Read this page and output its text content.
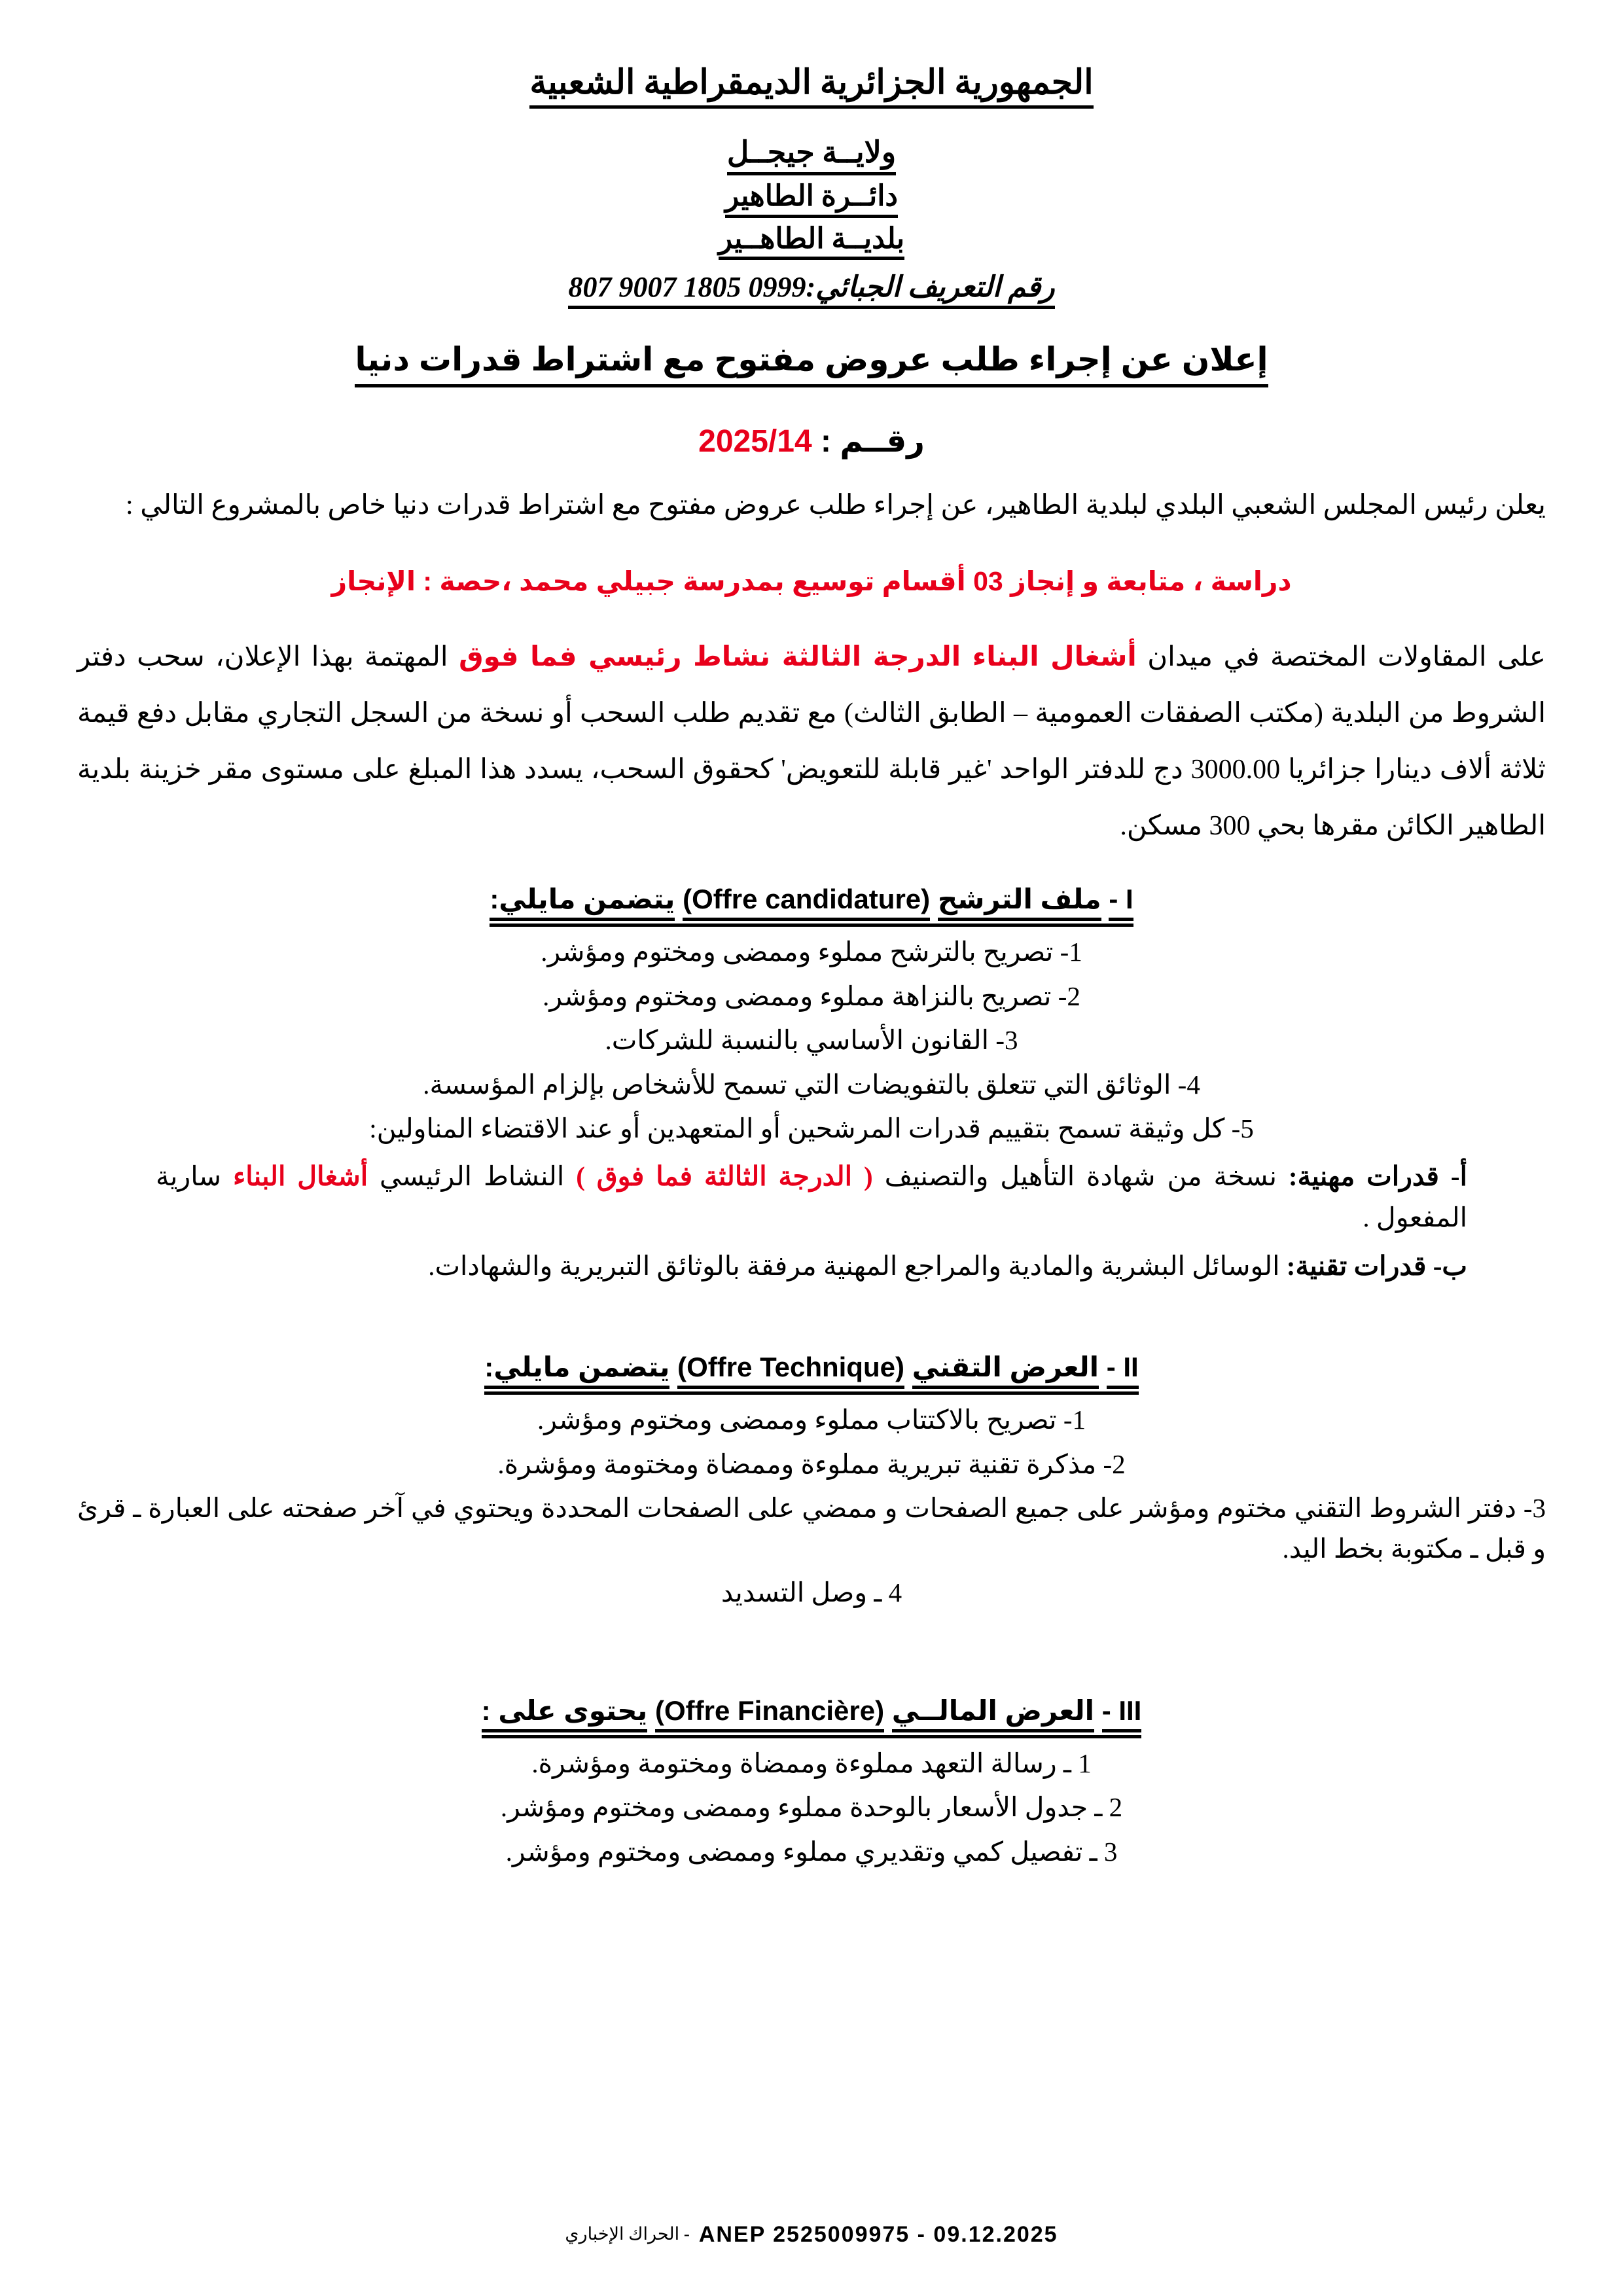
الجمهورية الجزائرية الديمقراطية الشعبية
ولايــة جيجــل
دائــرة الطاهير
بلديــة الطاهــير
رقم التعريف الجبائي:0999 1805 9007 807
إعلان عن إجراء طلب عروض مفتوح مع اشتراط قدرات دنيا
رقــم : 2025/14
يعلن رئيس المجلس الشعبي البلدي لبلدية الطاهير، عن إجراء طلب عروض مفتوح مع اشتراط قدرات دنيا خاص بالمشروع التالي :
دراسة ، متابعة و إنجاز 03 أقسام توسيع بمدرسة جبيلي محمد ،حصة : الإنجاز
على المقاولات المختصة في ميدان أشغال البناء الدرجة الثالثة نشاط رئيسي فما فوق المهتمة بهذا الإعلان، سحب دفتر الشروط من البلدية (مكتب الصفقات العمومية – الطابق الثالث) مع تقديم طلب السحب أو نسخة من السجل التجاري مقابل دفع قيمة ثلاثة ألاف دينارا جزائريا 3000.00 دج للدفتر الواحد 'غير قابلة للتعويض' كحقوق السحب، يسدد هذا المبلغ على مستوى مقر خزينة بلدية الطاهير الكائن مقرها بحي 300 مسكن.
I - ملف الترشح (Offre candidature) يتضمن مايلي:
1- تصريح بالترشح مملوء وممضى ومختوم ومؤشر.
2- تصريح بالنزاهة مملوء وممضى ومختوم ومؤشر.
3- القانون الأساسي بالنسبة للشركات.
4- الوثائق التي تتعلق بالتفويضات التي تسمح للأشخاص بإلزام المؤسسة.
5- كل وثيقة تسمح بتقييم قدرات المرشحين أو المتعهدين أو عند الاقتضاء المناولين:
أ- قدرات مهنية: نسخة من شهادة التأهيل والتصنيف ( الدرجة الثالثة فما فوق ) النشاط الرئيسي أشغال البناء سارية المفعول .
ب- قدرات تقنية: الوسائل البشرية والمادية والمراجع المهنية مرفقة بالوثائق التبريرية والشهادات.
II - العرض التقني (Offre Technique) يتضمن مايلي:
1- تصريح بالاكتتاب مملوء وممضى ومختوم ومؤشر.
2- مذكرة تقنية تبريرية مملوءة وممضاة ومختومة ومؤشرة.
3- دفتر الشروط التقني مختوم ومؤشر على جميع الصفحات و ممضي على الصفحات المحددة ويحتوي في آخر صفحته على العبارة ـ قرئ و قبل ـ مكتوبة بخط اليد.
4 ـ وصل التسديد
III - العرض المالــي (Offre Financière) يحتوى على :
1 ـ رسالة التعهد مملوءة وممضاة ومختومة ومؤشرة.
2 ـ جدول الأسعار بالوحدة مملوء وممضى ومختوم ومؤشر.
3 ـ تفصيل كمي وتقديري مملوء وممضى ومختوم ومؤشر.
ANEP 2525009975 - 09.12.2025- الحراك الإخباري
